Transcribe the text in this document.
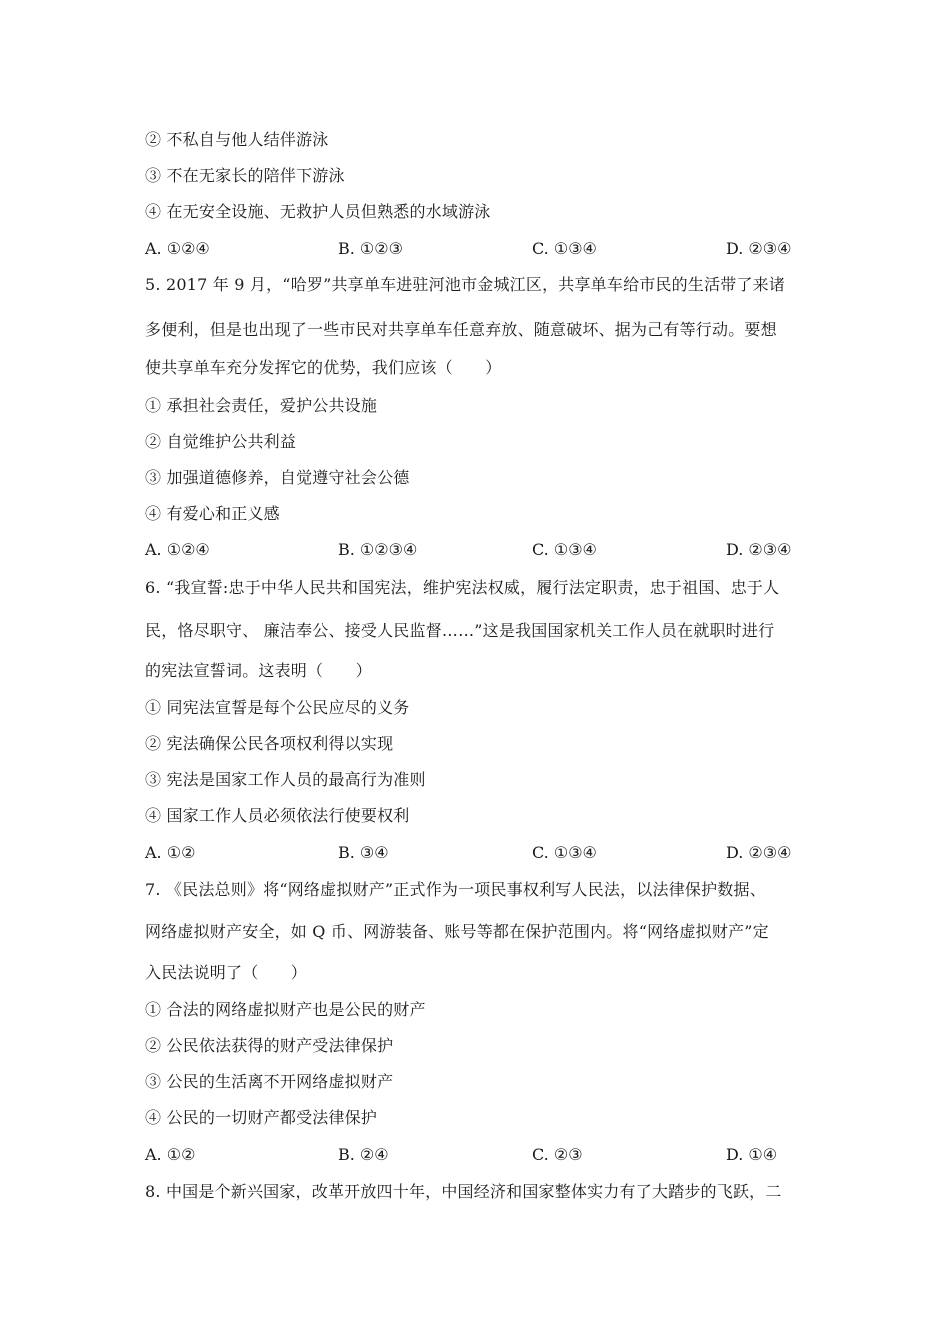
② 不私自与他人结伴游泳
③ 不在无家长的陪伴下游泳
④ 在无安全设施、无救护人员但熟悉的水域游泳
A. ①②④	B. ①②③	C. ①③④	D. ②③④
5. 2017 年 9 月，“哈罗”共享单车进驻河池市金城江区，共享单车给市民的生活带了来诸
多便利，但是也出现了一些市民对共享单车任意弃放、随意破坏、据为己有等行动。要想
使共享单车充分发挥它的优势，我们应该（　　）
① 承担社会责任，爱护公共设施
② 自觉维护公共利益
③ 加强道德修养，自觉遵守社会公德
④ 有爱心和正义感
A. ①②④	B. ①②③④	C. ①③④	D. ②③④
6. “我宣誓:忠于中华人民共和国宪法，维护宪法权威，履行法定职责，忠于祖国、忠于人
民，恪尽职守、 廉洁奉公、接受人民监督……”这是我国国家机关工作人员在就职时进行
的宪法宣誓词。这表明（　　）
① 同宪法宣誓是每个公民应尽的义务
② 宪法确保公民各项权利得以实现
③ 宪法是国家工作人员的最高行为准则
④ 国家工作人员必须依法行使要权利
A. ①②	B. ③④	C. ①③④	D. ②③④
7. 《民法总则》将“网络虚拟财产”正式作为一项民事权利写人民法，以法律保护数据、
网络虚拟财产安全，如 Q 币、网游装备、账号等都在保护范围内。将“网络虚拟财产”定
入民法说明了（　　）
① 合法的网络虚拟财产也是公民的财产
② 公民依法获得的财产受法律保护
③ 公民的生活离不开网络虚拟财产
④ 公民的一切财产都受法律保护
A. ①②	B. ②④	C. ②③	D. ①④
8. 中国是个新兴国家，改革开放四十年，中国经济和国家整体实力有了大踏步的飞跃，二
